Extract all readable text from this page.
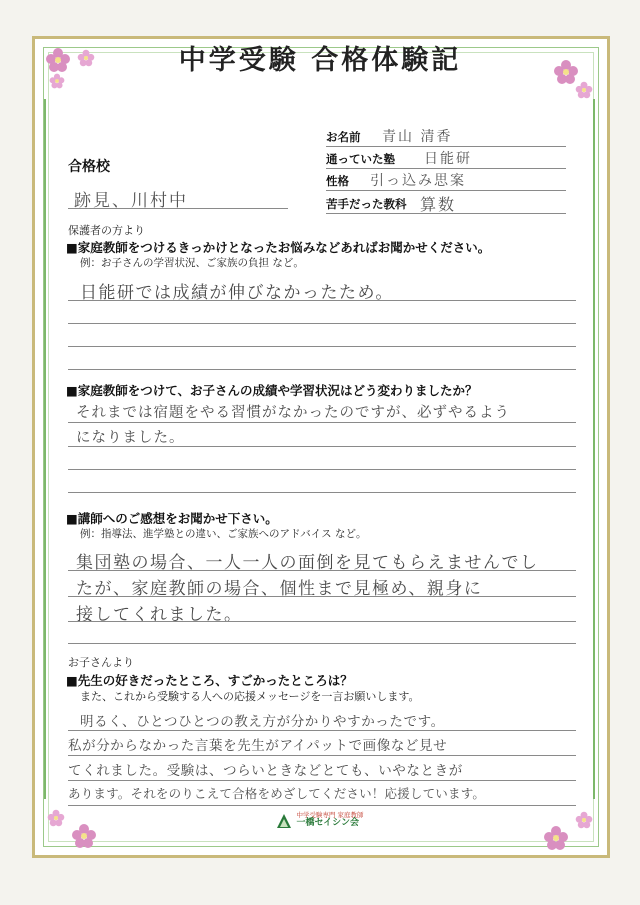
中学受験 合格体験記
お名前 青山 清香
通っていた塾 日能研
性格 引っ込み思案
苦手だった教科 算数
合格校
跡見、川村中
保護者の方より
■家庭教師をつけるきっかけとなったお悩みなどあればお聞かせください。
例：お子さんの学習状況、ご家族の負担 など。
日能研では成績が伸びなかったため。
■家庭教師をつけて、お子さんの成績や学習状況はどう変わりましたか？
それまでは宿題をやる習慣がなかったのですが、必ずやるよう
になりました。
■講師へのご感想をお聞かせ下さい。
例：指導法、進学塾との違い、ご家族へのアドバイス など。
集団塾の場合、一人一人の面倒を見てもらえませんでし
たが、家庭教師の場合、個性まで見極め、親身に
接してくれました。
お子さんより
■先生の好きだったところ、すごかったところは？
また、これから受験する人への応援メッセージを一言お願いします。
明るく、ひとつひとつの教え方が分かりやすかったです。
私が分からなかった言葉を先生がアイパットで画像など見せ
てくれました。受験は、つらいときなどとても、いやなときが
あります。それをのりこえて合格をめざしてください！応援しています。
中学受験専門 家庭教師
一橋セイシン会
